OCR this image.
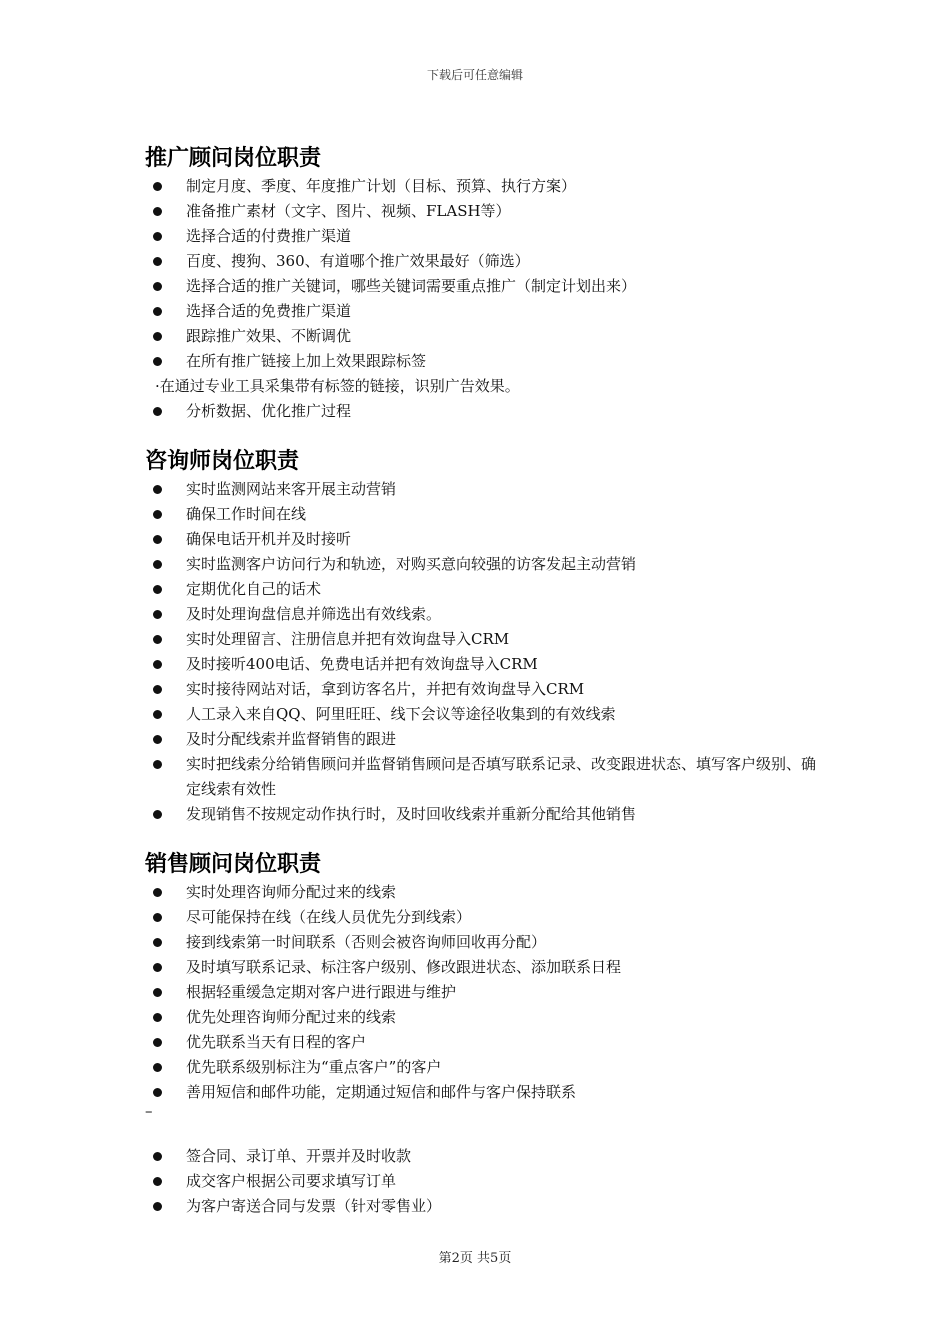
下载后可任意编辑
推广顾问岗位职责
制定月度、季度、年度推广计划（目标、预算、执行方案）
准备推广素材（文字、图片、视频、FLASH等）
选择合适的付费推广渠道
百度、搜狗、360、有道哪个推广效果最好（筛选）
选择合适的推广关键词，哪些关键词需要重点推广（制定计划出来）
选择合适的免费推广渠道
跟踪推广效果、不断调优
在所有推广链接上加上效果跟踪标签
·在通过专业工具采集带有标签的链接，识别广告效果。
分析数据、优化推广过程
咨询师岗位职责
实时监测网站来客开展主动营销
确保工作时间在线
确保电话开机并及时接听
实时监测客户访问行为和轨迹，对购买意向较强的访客发起主动营销
定期优化自己的话术
及时处理询盘信息并筛选出有效线索。
实时处理留言、注册信息并把有效询盘导入CRM
及时接听400电话、免费电话并把有效询盘导入CRM
实时接待网站对话，拿到访客名片，并把有效询盘导入CRM
人工录入来自QQ、阿里旺旺、线下会议等途径收集到的有效线索
及时分配线索并监督销售的跟进
实时把线索分给销售顾问并监督销售顾问是否填写联系记录、改变跟进状态、填写客户级别、确定线索有效性
发现销售不按规定动作执行时，及时回收线索并重新分配给其他销售
销售顾问岗位职责
实时处理咨询师分配过来的线索
尽可能保持在线（在线人员优先分到线索）
接到线索第一时间联系（否则会被咨询师回收再分配）
及时填写联系记录、标注客户级别、修改跟进状态、添加联系日程
根据轻重缓急定期对客户进行跟进与维护
优先处理咨询师分配过来的线索
优先联系当天有日程的客户
优先联系级别标注为“重点客户”的客户
善用短信和邮件功能，定期通过短信和邮件与客户保持联系
–
签合同、录订单、开票并及时收款
成交客户根据公司要求填写订单
为客户寄送合同与发票（针对零售业）
第2页 共5页
